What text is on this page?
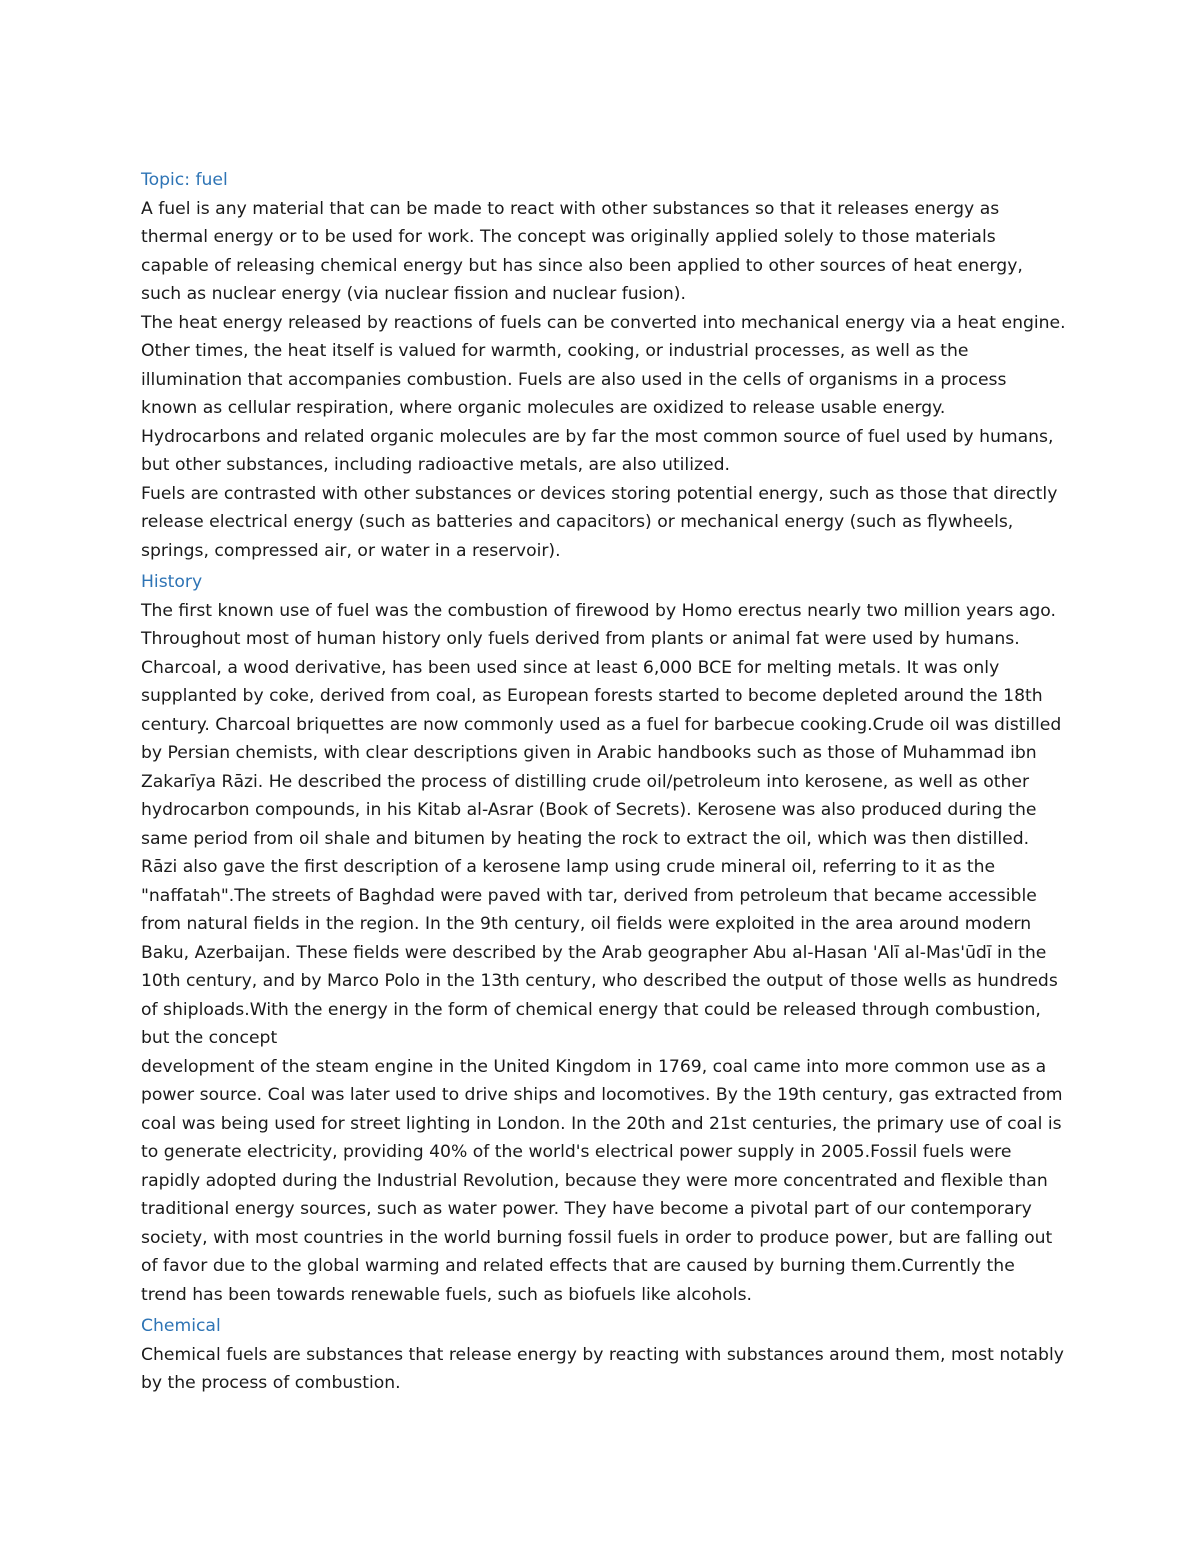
Topic: fuel

A fuel is any material that can be made to react with other substances so that it releases energy as thermal energy or to be used for work. The concept was originally applied solely to those materials capable of releasing chemical energy but has since also been applied to other sources of heat energy, such as nuclear energy (via nuclear fission and nuclear fusion).

The heat energy released by reactions of fuels can be converted into mechanical energy via a heat engine. Other times, the heat itself is valued for warmth, cooking, or industrial processes, as well as the illumination that accompanies combustion. Fuels are also used in the cells of organisms in a process known as cellular respiration, where organic molecules are oxidized to release usable energy. Hydrocarbons and related organic molecules are by far the most common source of fuel used by humans, but other substances, including radioactive metals, are also utilized.

Fuels are contrasted with other substances or devices storing potential energy, such as those that directly release electrical energy (such as batteries and capacitors) or mechanical energy (such as flywheels, springs, compressed air, or water in a reservoir).

History

The first known use of fuel was the combustion of firewood by Homo erectus nearly two million years ago. Throughout most of human history only fuels derived from plants or animal fat were used by humans. Charcoal, a wood derivative, has been used since at least 6,000 BCE for melting metals. It was only supplanted by coke, derived from coal, as European forests started to become depleted around the 18th century. Charcoal briquettes are now commonly used as a fuel for barbecue cooking.Crude oil was distilled by Persian chemists, with clear descriptions given in Arabic handbooks such as those of Muhammad ibn Zakarīya Rāzi. He described the process of distilling crude oil/petroleum into kerosene, as well as other hydrocarbon compounds, in his Kitab al-Asrar (Book of Secrets). Kerosene was also produced during the same period from oil shale and bitumen by heating the rock to extract the oil, which was then distilled. Rāzi also gave the first description of a kerosene lamp using crude mineral oil, referring to it as the "naffatah".The streets of Baghdad were paved with tar, derived from petroleum that became accessible from natural fields in the region. In the 9th century, oil fields were exploited in the area around modern Baku, Azerbaijan. These fields were described by the Arab geographer Abu al-Hasan 'Alī al-Mas'ūdī in the 10th century, and by Marco Polo in the 13th century, who described the output of those wells as hundreds of shiploads.With the energy in the form of chemical energy that could be released through combustion, but the concept

development of the steam engine in the United Kingdom in 1769, coal came into more common use as a power source. Coal was later used to drive ships and locomotives. By the 19th century, gas extracted from coal was being used for street lighting in London. In the 20th and 21st centuries, the primary use of coal is to generate electricity, providing 40% of the world's electrical power supply in 2005.Fossil fuels were rapidly adopted during the Industrial Revolution, because they were more concentrated and flexible than traditional energy sources, such as water power. They have become a pivotal part of our contemporary society, with most countries in the world burning fossil fuels in order to produce power, but are falling out of favor due to the global warming and related effects that are caused by burning them.Currently the trend has been towards renewable fuels, such as biofuels like alcohols.

Chemical

Chemical fuels are substances that release energy by reacting with substances around them, most notably by the process of combustion.
